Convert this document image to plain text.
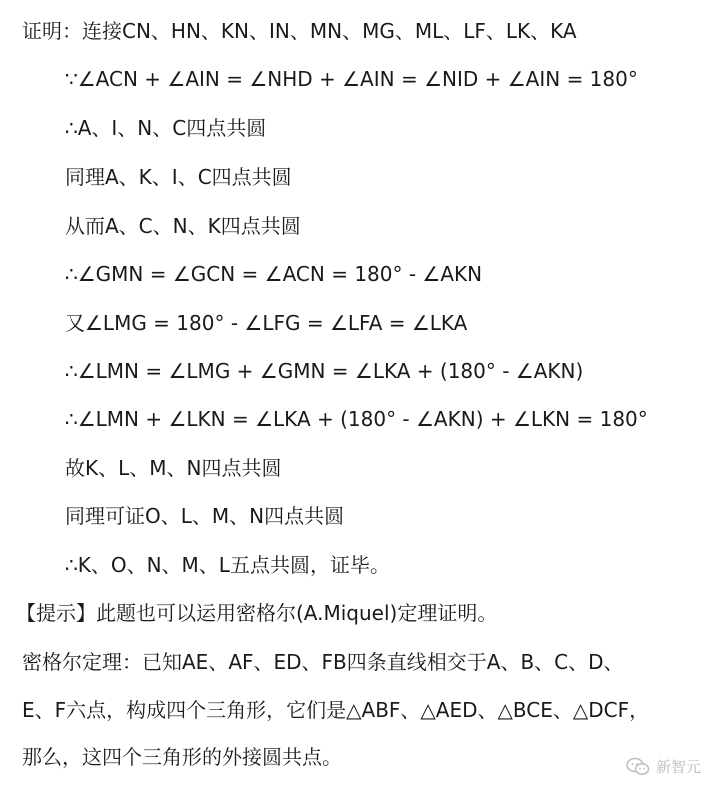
证明：连接CN、HN、KN、IN、MN、MG、ML、LF、LK、KA
∵∠ACN + ∠AIN = ∠NHD + ∠AIN = ∠NID + ∠AIN = 180°
∴A、I、N、C四点共圆
同理A、K、I、C四点共圆
从而A、C、N、K四点共圆
∴∠GMN = ∠GCN = ∠ACN = 180° - ∠AKN
又∠LMG = 180° - ∠LFG = ∠LFA = ∠LKA
∴∠LMN = ∠LMG + ∠GMN = ∠LKA + (180° - ∠AKN)
∴∠LMN + ∠LKN = ∠LKA + (180° - ∠AKN) + ∠LKN = 180°
故K、L、M、N四点共圆
同理可证O、L、M、N四点共圆
∴K、O、N、M、L五点共圆，证毕。
【提示】此题也可以运用密格尔(A.Miquel)定理证明。
密格尔定理：已知AE、AF、ED、FB四条直线相交于A、B、C、D、
E、F六点，构成四个三角形，它们是△ABF、△AED、△BCE、△DCF，
那么，这四个三角形的外接圆共点。	新智元
